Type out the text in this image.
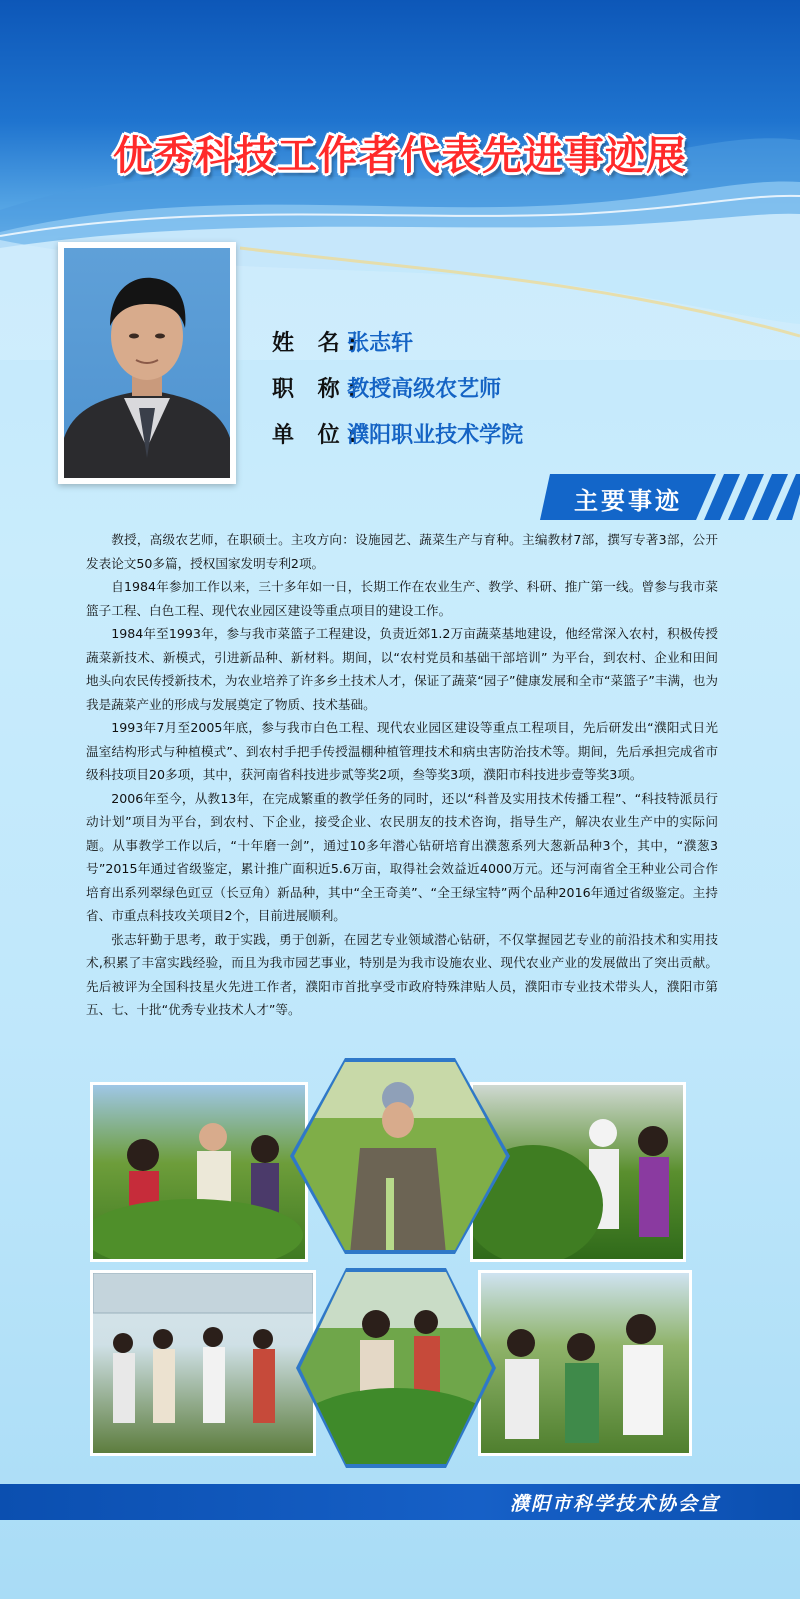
优秀科技工作者代表先进事迹展
姓 名: 张志轩
职 称: 教授高级农艺师
单 位: 濮阳职业技术学院
主要事迹

教授，高级农艺师，在职硕士。主攻方向：设施园艺、蔬菜生产与育种。主编教材7部，撰写专著3部，公开发表论文50多篇，授权国家发明专利2项。

自1984年参加工作以来，三十多年如一日，长期工作在农业生产、教学、科研、推广第一线。曾参与我市菜篮子工程、白色工程、现代农业园区建设等重点项目的建设工作。

1984年至1993年，参与我市菜篮子工程建设，负责近郊1.2万亩蔬菜基地建设，他经常深入农村，积极传授蔬菜新技术、新模式，引进新品种、新材料。期间，以“农村党员和基础干部培训” 为平台，到农村、企业和田间地头向农民传授新技术，为农业培养了许多乡土技术人才，保证了蔬菜“园子”健康发展和全市“菜篮子”丰满，也为我是蔬菜产业的形成与发展奠定了物质、技术基础。

1993年7月至2005年底，参与我市白色工程、现代农业园区建设等重点工程项目，先后研发出“濮阳式日光温室结构形式与种植模式”、到农村手把手传授温棚种植管理技术和病虫害防治技术等。期间，先后承担完成省市级科技项目20多项，其中，获河南省科技进步贰等奖2项，叁等奖3项，濮阳市科技进步壹等奖3项。

2006年至今，从教13年，在完成繁重的教学任务的同时，还以“科普及实用技术传播工程”、“科技特派员行动计划”项目为平台，到农村、下企业，接受企业、农民朋友的技术咨询，指导生产，解决农业生产中的实际问题。从事教学工作以后，“十年磨一剑”，通过10多年潜心钻研培育出濮葱系列大葱新品种3个，其中，“濮葱3号”2015年通过省级鉴定，累计推广面积近5.6万亩，取得社会效益近4000万元。还与河南省全王种业公司合作培育出系列翠绿色豇豆（长豆角）新品种，其中“全王奇美”、“全王绿宝特”两个品种2016年通过省级鉴定。主持省、市重点科技攻关项目2个，目前进展顺利。

张志轩勤于思考，敢于实践，勇于创新，在园艺专业领域潜心钻研，不仅掌握园艺专业的前沿技术和实用技术,积累了丰富实践经验，而且为我市园艺事业，特别是为我市设施农业、现代农业产业的发展做出了突出贡献。先后被评为全国科技星火先进工作者，濮阳市首批享受市政府特殊津贴人员，濮阳市专业技术带头人，濮阳市第五、七、十批“优秀专业技术人才”等。

濮阳市科学技术协会宣
